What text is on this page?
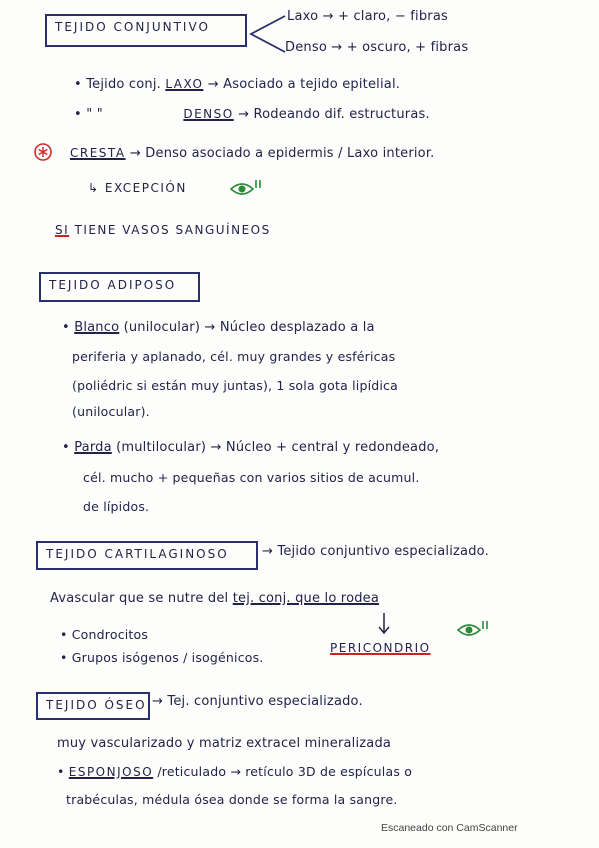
TEJIDO CONJUNTIVO
Laxo → + claro, − fibras
Denso → + oscuro, + fibras
• Tejido conj. LAXO → Asociado a tejido epitelial.
• " "	DENSO → Rodeando dif. estructuras.
CRESTA → Denso asociado a epidermis / Laxo interior.
↳ EXCEPCIÓN
SI TIENE VASOS SANGUÍNEOS
TEJIDO ADIPOSO
• Blanco (unilocular) → Núcleo desplazado a la
periferia y aplanado, cél. muy grandes y esféricas
(poliédric si están muy juntas), 1 sola gota lipídica
(unilocular).
• Parda (multilocular) → Núcleo + central y redondeado,
cél. mucho + pequeñas con varios sitios de acumul.
de lípidos.
TEJIDO CARTILAGINOSO	→ Tejido conjuntivo especializado.
Avascular que se nutre del tej. conj. que lo rodea
• Condrocitos
• Grupos isógenos / isogénicos.
PERICONDRIO
TEJIDO ÓSEO → Tej. conjuntivo especializado.
muy vascularizado y matriz extracel mineralizada
• ESPONJOSO /reticulado → retículo 3D de espículas o
trabéculas, médula ósea donde se forma la sangre.
Escaneado con CamScanner
